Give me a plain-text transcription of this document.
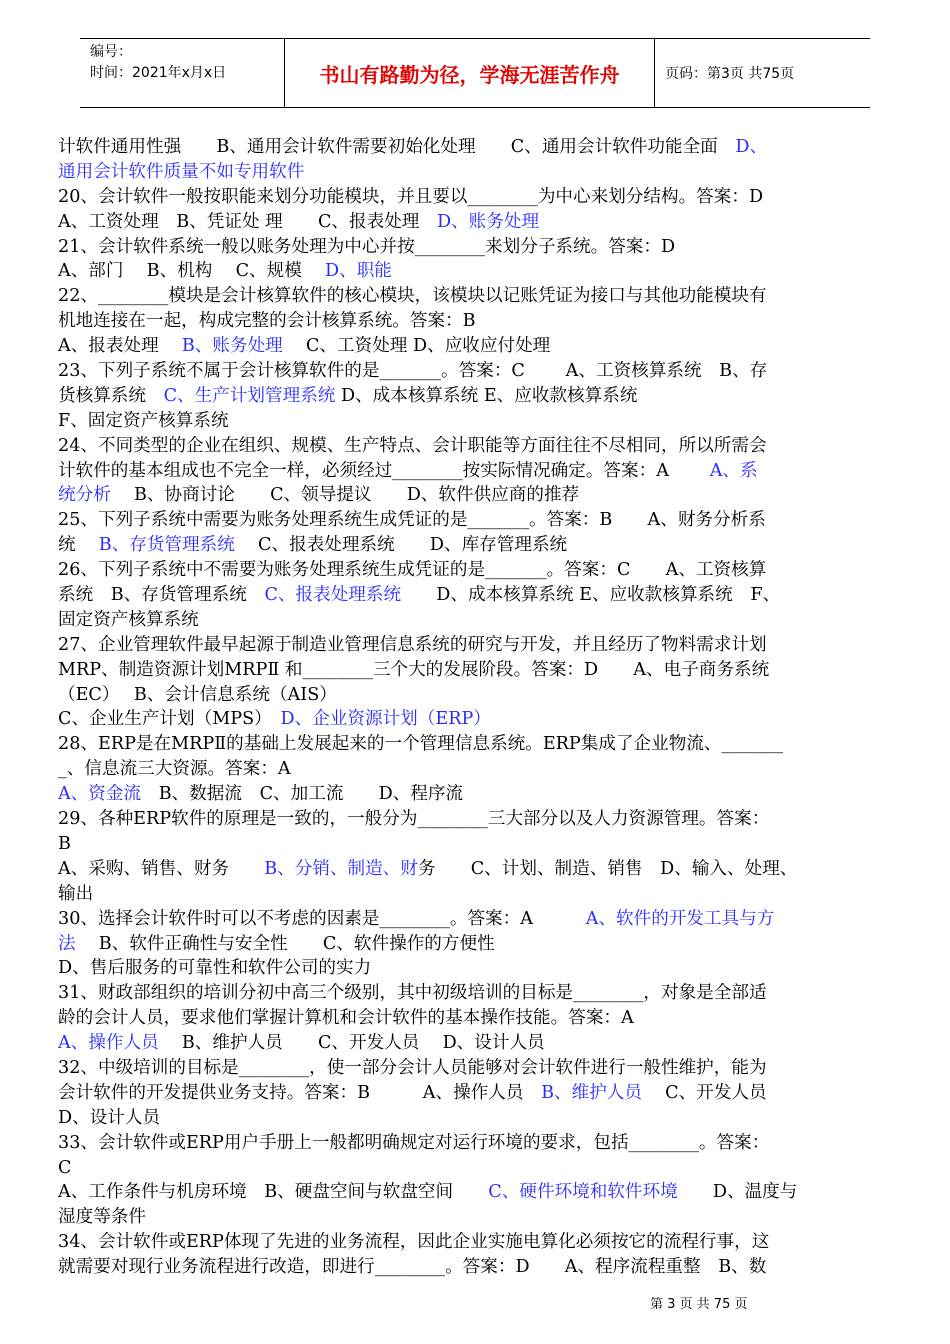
编号：
时间：2021年x月x日	书山有路勤为径，学海无涯苦作舟	页码：第3页 共75页
计软件通用性强　　B、通用会计软件需要初始化处理　　C、通用会计软件功能全面　D、
通用会计软件质量不如专用软件
20、会计软件一般按职能来划分功能模块，并且要以________为中心来划分结构。答案：D
A、工资处理　B、凭证处 理　　C、报表处理　D、账务处理
21、会计软件系统一般以账务处理为中心并按________来划分子系统。答案：D
A、部门　 B、机构　 C、规模　 D、职能
22、________模块是会计核算软件的核心模块，该模块以记账凭证为接口与其他功能模块有
机地连接在一起，构成完整的会计核算系统。答案：B
A、报表处理　 B、账务处理　 C、工资处理 D、应收应付处理
23、下列子系统不属于会计核算软件的是_______。答案：C　　 A、工资核算系统　B、存
货核算系统　C、生产计划管理系统 D、成本核算系统 E、应收款核算系统
F、固定资产核算系统
24、不同类型的企业在组织、规模、生产特点、会计职能等方面往往不尽相同，所以所需会
计软件的基本组成也不完全一样，必须经过________按实际情况确定。答案：A　　 A、系
统分析　 B、协商讨论　　C、领导提议　　D、软件供应商的推荐
25、下列子系统中需要为账务处理系统生成凭证的是_______。答案：B　　A、财务分析系
统　 B、存货管理系统　 C、报表处理系统　　D、库存管理系统
26、下列子系统中不需要为账务处理系统生成凭证的是_______。答案：C　　A、工资核算
系统　B、存货管理系统　C、报表处理系统　　D、成本核算系统 E、应收款核算系统　F、
固定资产核算系统
27、企业管理软件最早起源于制造业管理信息系统的研究与开发，并且经历了物料需求计划
MRP、制造资源计划MRPⅡ 和________三个大的发展阶段。答案：D　　A、电子商务系统
（EC）　 B、会计信息系统（AIS）
C、企业生产计划（MPS）　D、企业资源计划（ERP）
28、ERP是在MRPⅡ的基础上发展起来的一个管理信息系统。ERP集成了企业物流、_______
_、信息流三大资源。答案：A
A、资金流　B、数据流　C、加工流　　D、程序流
29、各种ERP软件的原理是一致的，一般分为________三大部分以及人力资源管理。答案：
B
A、采购、销售、财务　　B、分销、制造、财务　　C、计划、制造、销售　D、输入、处理、
输出
30、选择会计软件时可以不考虑的因素是________。答案：A　　　A、软件的开发工具与方
法　 B、软件正确性与安全性　　C、软件操作的方便性
D、售后服务的可靠性和软件公司的实力
31、财政部组织的培训分初中高三个级别，其中初级培训的目标是________，对象是全部适
龄的会计人员，要求他们掌握计算机和会计软件的基本操作技能。答案：A
A、操作人员　 B、维护人员　　C、开发人员　 D、设计人员
32、中级培训的目标是________，使一部分会计人员能够对会计软件进行一般性维护，能为
会计软件的开发提供业务支持。答案：B　　　A、操作人员　B、维护人员　 C、开发人员
D、设计人员
33、会计软件或ERP用户手册上一般都明确规定对运行环境的要求，包括________。答案：
C
A、工作条件与机房环境　B、硬盘空间与软盘空间　　C、硬件环境和软件环境　　D、温度与
湿度等条件
34、会计软件或ERP体现了先进的业务流程，因此企业实施电算化必须按它的流程行事，这
就需要对现行业务流程进行改造，即进行________。答案：D　　A、程序流程重整　B、数
第 3 页 共 75 页
